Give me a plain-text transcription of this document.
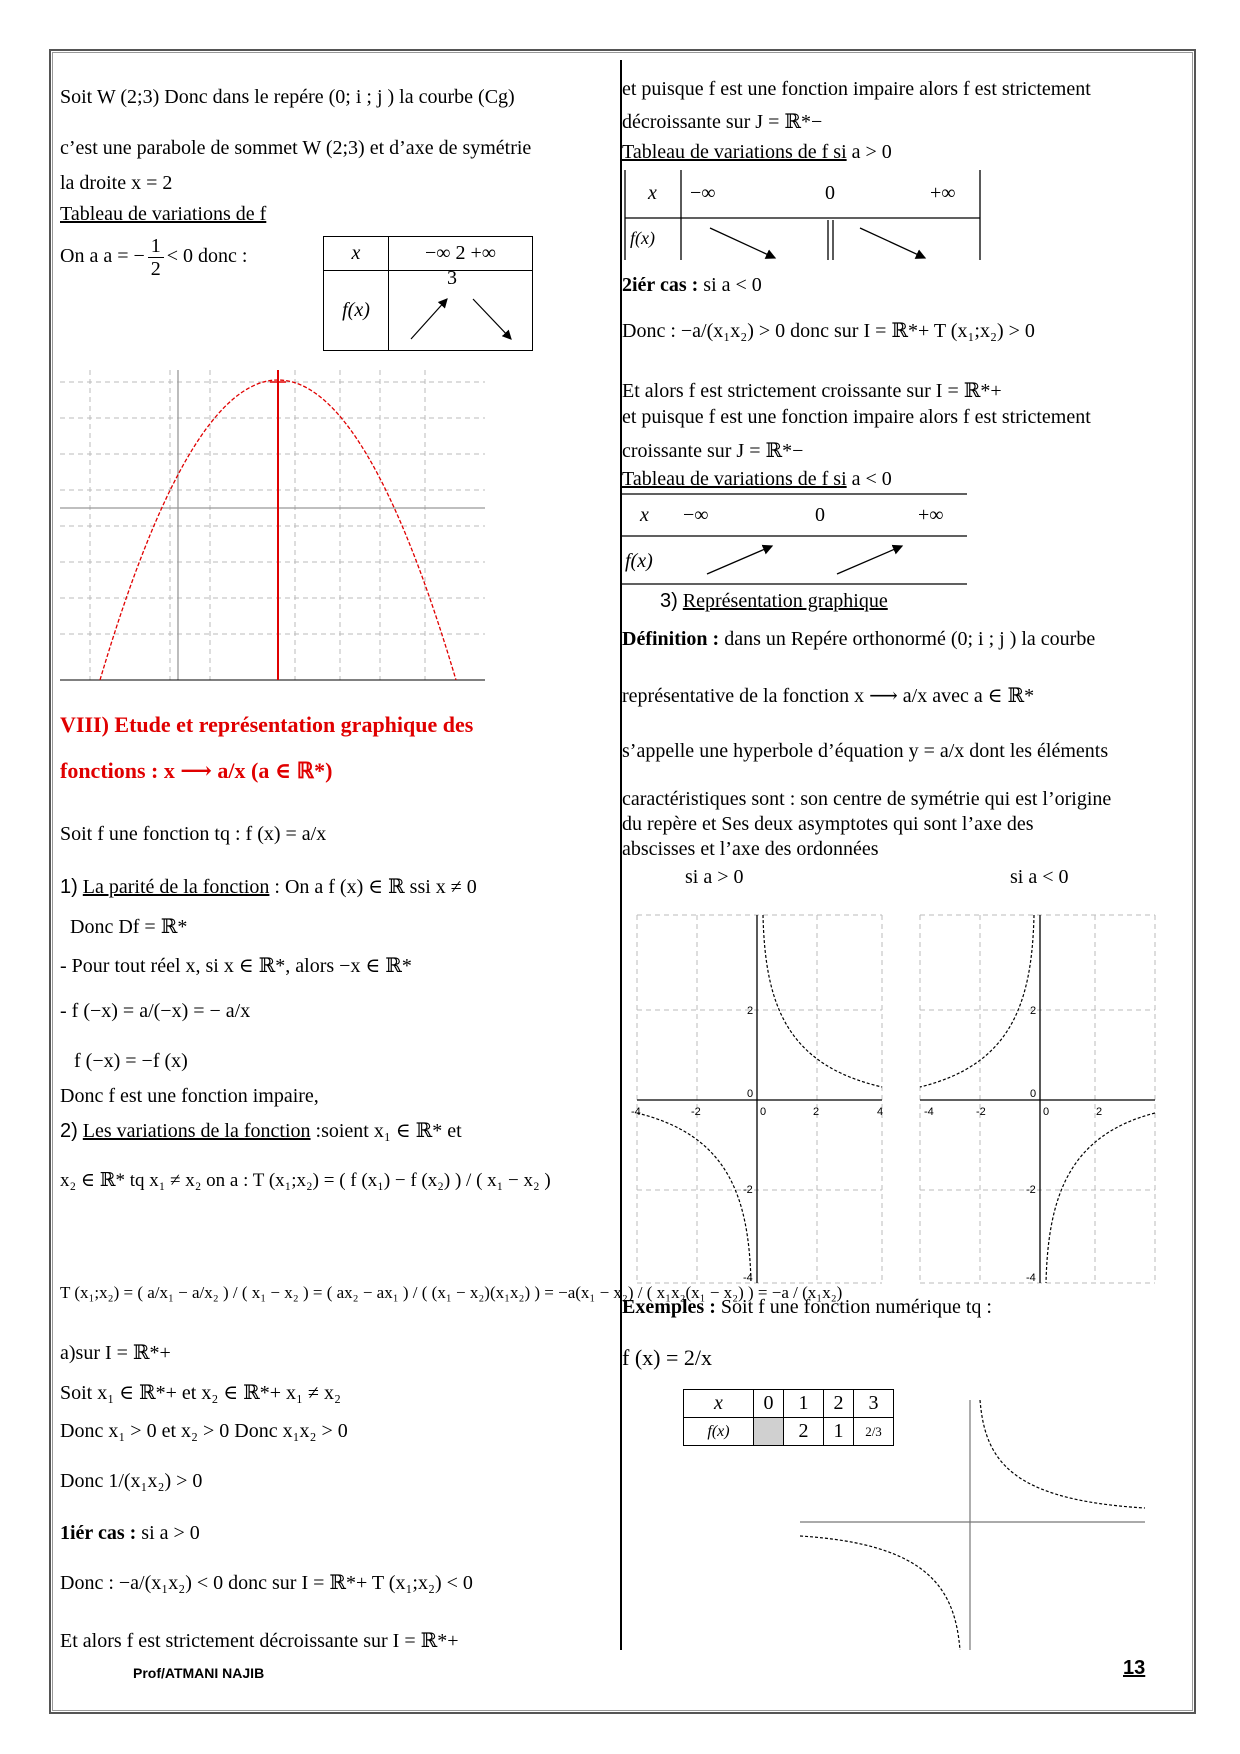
Soit W (2;3) Donc dans le repére (0; i ; j ) la courbe (Cg)
c’est une parabole de sommet W (2;3) et d’axe de symétrie
la droite x = 2
Tableau de variations de f
On a a = − $\frac{1}{2} < 0$ donc :	x	−∞ 2 +∞
f(x)	3
VIII) Etude et représentation graphique des
fonctions : x ⟶ a/x (a ∈ ℝ*)
Soit f une fonction tq : f (x) = a/x
1) La parité de la fonction : On a f (x) ∈ ℝ ssi x ≠ 0
Donc Df = ℝ*
- Pour tout réel x, si x ∈ ℝ*, alors −x ∈ ℝ*
- f (−x) = a/(−x) = − a/x
f (−x) = −f (x)
Donc f est une fonction impaire,
2) Les variations de la fonction :soient x₁ ∈ ℝ* et
x₂ ∈ ℝ* tq x₁ ≠ x₂ on a : T (x₁;x₂) = ( f (x₁) − f (x₂) ) / ( x₁ − x₂ )
T (x₁;x₂) = ( a/x₁ − a/x₂ ) / ( x₁ − x₂ ) = ( ax₂ − ax₁ ) / ( (x₁ − x₂)(x₁x₂) ) = −a(x₁ − x₂) / ( x₁x₂(x₁ − x₂) ) = −a / (x₁x₂)
a)sur I = ℝ*+
Soit x₁ ∈ ℝ*+ et x₂ ∈ ℝ*+ x₁ ≠ x₂
Donc x₁ > 0 et x₂ > 0 Donc x₁x₂ > 0
Donc 1/(x₁x₂) > 0
1iér cas : si a > 0
Donc : −a/(x₁x₂) < 0 donc sur I = ℝ*+ T (x₁;x₂) < 0
Et alors f est strictement décroissante sur I = ℝ*+
et puisque f est une fonction impaire alors f est strictement
décroissante sur J = ℝ*−
Tableau de variations de f si a > 0
x −∞	0	+∞
f(x)
2iér cas : si a < 0
Donc : −a/(x₁x₂) > 0 donc sur I = ℝ*+ T (x₁;x₂) > 0
Et alors f est strictement croissante sur I = ℝ*+
et puisque f est une fonction impaire alors f est strictement
croissante sur J = ℝ*−
Tableau de variations de f si a < 0
x −∞	0	+∞
f(x)
3) Représentation graphique
Définition : dans un Repére orthonormé (0; i ; j ) la courbe
représentative de la fonction x ⟶ a/x avec a ∈ ℝ*
s’appelle une hyperbole d’équation y = a/x dont les éléments
caractéristiques sont : son centre de symétrie qui est l’origine
du repère et Ses deux asymptotes qui sont l’axe des
abscisses et l’axe des ordonnées
si a > 0	si a < 0
-4	-2	0	2	4
2
0
-2
-4
-4	-2	0	2
2
0
-2
-4
Exemples : Soit f une fonction numérique tq :
f (x) = 2/x
x	0	1	2	3
f(x)		2	1	2/3
Prof/ATMANI NAJIB	13
